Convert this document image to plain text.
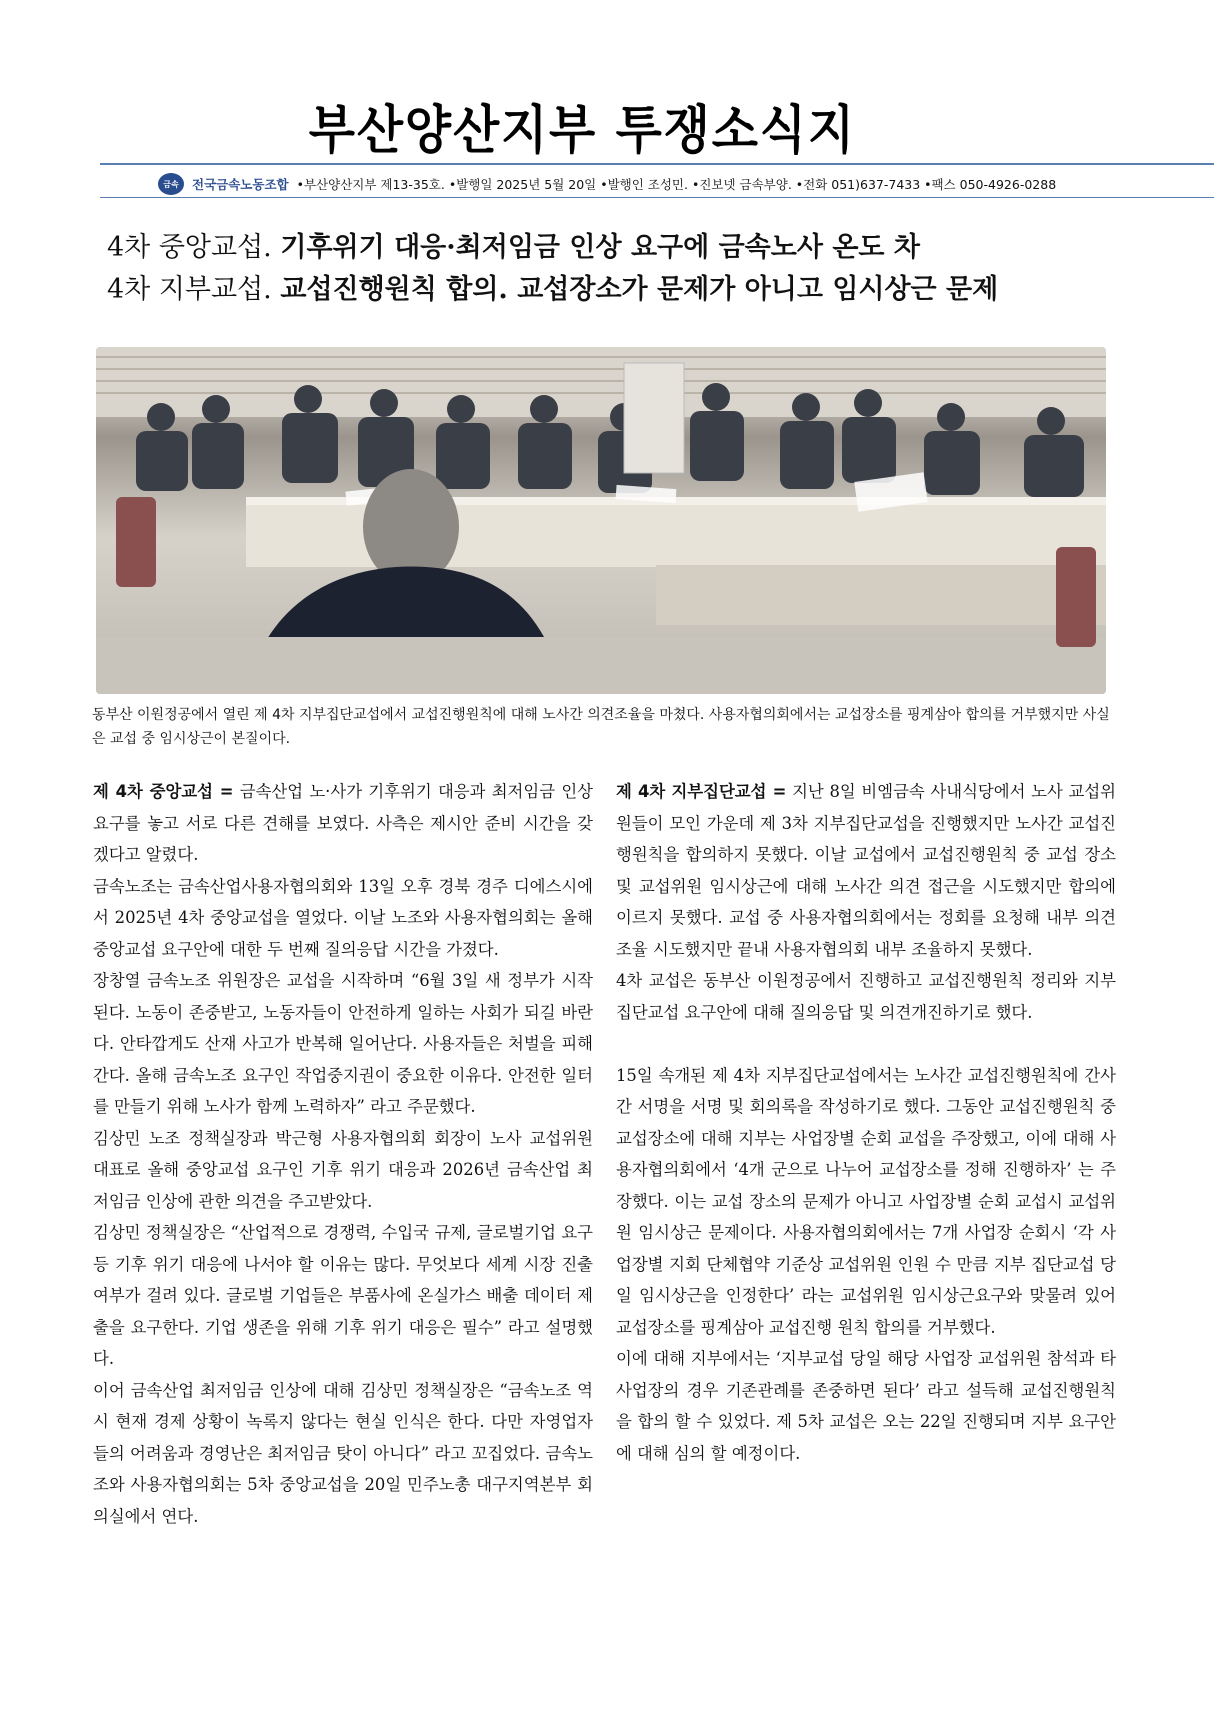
부산양산지부 투쟁소식지
금속	전국금속노동조합 •부산양산지부 제13-35호. •발행일 2025년 5월 20일 •발행인 조성민. •진보넷 금속부양. •전화 051)637-7433 •팩스 050-4926-0288
4차 중앙교섭. 기후위기 대응·최저임금 인상 요구에 금속노사 온도 차
4차 지부교섭. 교섭진행원칙 합의. 교섭장소가 문제가 아니고 임시상근 문제
동부산 이원정공에서 열린 제 4차 지부집단교섭에서 교섭진행원칙에 대해 노사간 의견조율을 마쳤다. 사용자협의회에서는 교섭장소를 핑계삼아 합의를 거부했지만 사실은 교섭 중 임시상근이 본질이다.

제 4차 중앙교섭 = 금속산업 노·사가 기후위기 대응과 최저임금 인상 요구를 놓고 서로 다른 견해를 보였다. 사측은 제시안 준비 시간을 갖겠다고 알렸다.

금속노조는 금속산업사용자협의회와 13일 오후 경북 경주 디에스시에서 2025년 4차 중앙교섭을 열었다. 이날 노조와 사용자협의회는 올해 중앙교섭 요구안에 대한 두 번째 질의응답 시간을 가졌다.

장창열 금속노조 위원장은 교섭을 시작하며 “6월 3일 새 정부가 시작된다. 노동이 존중받고, 노동자들이 안전하게 일하는 사회가 되길 바란다. 안타깝게도 산재 사고가 반복해 일어난다. 사용자들은 처벌을 피해 간다. 올해 금속노조 요구인 작업중지권이 중요한 이유다. 안전한 일터를 만들기 위해 노사가 함께 노력하자” 라고 주문했다.

김상민 노조 정책실장과 박근형 사용자협의회 회장이 노사 교섭위원 대표로 올해 중앙교섭 요구인 기후 위기 대응과 2026년 금속산업 최저임금 인상에 관한 의견을 주고받았다.

김상민 정책실장은 “산업적으로 경쟁력, 수입국 규제, 글로벌기업 요구 등 기후 위기 대응에 나서야 할 이유는 많다. 무엇보다 세계 시장 진출 여부가 걸려 있다. 글로벌 기업들은 부품사에 온실가스 배출 데이터 제출을 요구한다. 기업 생존을 위해 기후 위기 대응은 필수” 라고 설명했다.

이어 금속산업 최저임금 인상에 대해 김상민 정책실장은 “금속노조 역시 현재 경제 상황이 녹록지 않다는 현실 인식은 한다. 다만 자영업자들의 어려움과 경영난은 최저임금 탓이 아니다” 라고 꼬집었다. 금속노조와 사용자협의회는 5차 중앙교섭을 20일 민주노총 대구지역본부 회의실에서 연다.

제 4차 지부집단교섭 = 지난 8일 비엠금속 사내식당에서 노사 교섭위원들이 모인 가운데 제 3차 지부집단교섭을 진행했지만 노사간 교섭진행원칙을 합의하지 못했다. 이날 교섭에서 교섭진행원칙 중 교섭 장소 및 교섭위원 임시상근에 대해 노사간 의견 접근을 시도했지만 합의에 이르지 못했다. 교섭 중 사용자협의회에서는 정회를 요청해 내부 의견조율 시도했지만 끝내 사용자협의회 내부 조율하지 못했다.

4차 교섭은 동부산 이원정공에서 진행하고 교섭진행원칙 정리와 지부집단교섭 요구안에 대해 질의응답 및 의견개진하기로 했다.

15일 속개된 제 4차 지부집단교섭에서는 노사간 교섭진행원칙에 간사 간 서명을 서명 및 회의록을 작성하기로 했다. 그동안 교섭진행원칙 중 교섭장소에 대해 지부는 사업장별 순회 교섭을 주장했고, 이에 대해 사용자협의회에서 ‘4개 군으로 나누어 교섭장소를 정해 진행하자’ 는 주장했다. 이는 교섭 장소의 문제가 아니고 사업장별 순회 교섭시 교섭위원 임시상근 문제이다. 사용자협의회에서는 7개 사업장 순회시 ‘각 사업장별 지회 단체협약 기준상 교섭위원 인원 수 만큼 지부 집단교섭 당일 임시상근을 인정한다’ 라는 교섭위원 임시상근요구와 맞물려 있어 교섭장소를 핑계삼아 교섭진행 원칙 합의를 거부했다.

이에 대해 지부에서는 ‘지부교섭 당일 해당 사업장 교섭위원 참석과 타 사업장의 경우 기존관례를 존중하면 된다’ 라고 설득해 교섭진행원칙을 합의 할 수 있었다. 제 5차 교섭은 오는 22일 진행되며 지부 요구안에 대해 심의 할 예정이다.
